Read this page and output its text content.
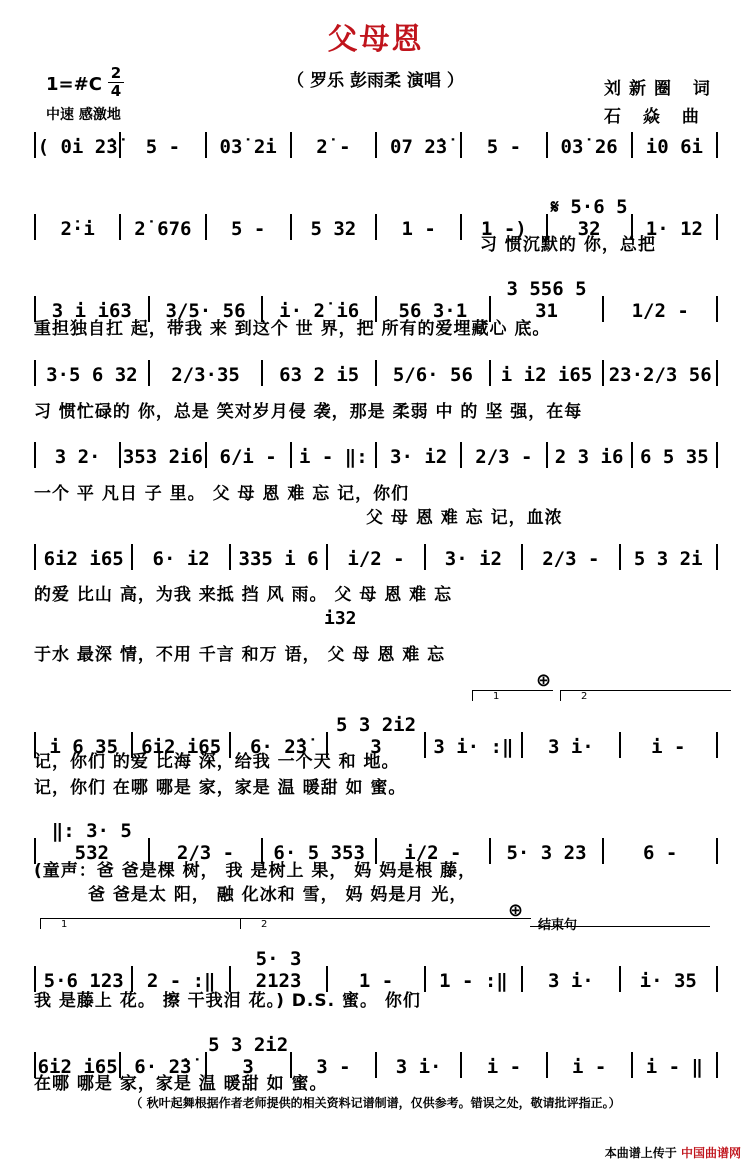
父母恩
（ 罗乐 彭雨柔 演唱 ）
1=#C
2
4
中速 感激地
刘新圈 词
石 焱 曲
( 0i 2̇3̇	5 -	03̇ 2̇i	2̇ -	07 2̇3̇	5 -	03̇ 26	i0 6i
2̇·i	2̇ 676	5 -	5 32	1 -	1 -)
𝄋 5·6 5 32	1· 12
3 i i63	3/5· 56	i· 2̇ i6	56 3·1
3 556 5 31	1/2 -
3·5 6 32	2/3·35	63 2 i5	5/6· 56	i i2 i65 23·2/3 56
3 2·	353 2i6 6/i -	i - ‖:	3· i2	2/3 -	2 3 i6 6 5 35
6i2 i65	6· i2	335 i 6	i/2 -	3· i2	2/3 -	5 3 2i
i 6 35	6i2 i65	6· 2̇3̇
5 3 2i2 3	3 i· :‖	3 i·	i -
‖: 3· 5 532	2/3 -	6· 5 353	i/2 -	5· 3 23	6 -
5·6 123	2 - :‖
5· 3 2123	1 -	1 - :‖	3 i·	i· 35
6i2 i65 6· 2̇3̇
5 3 2i2 3	3 -	3 i·	i -	i -	i - ‖
习 惯沉默的 你，总把
重担独自扛 起，带我 来 到这个 世 界，把 所有的爱埋藏心 底。
习 惯忙碌的 你，总是 笑对岁月侵 袭，那是 柔弱 中 的 坚 强，在每
一个 平 凡日 子 里。 父 母 恩 难 忘 记，你们
父 母 恩 难 忘 记，血浓
的爱 比山 高，为我 来抵 挡 风 雨。 父 母 恩 难 忘
i32
于水 最深 情，不用 千言 和万 语， 父 母 恩 难 忘
记，你们 的爱 比海 深，给我 一个天 和 地。
记，你们 在哪 哪是 家，家是 温 暖甜 如 蜜。
(童声：爸 爸是棵 树， 我 是树上 果， 妈 妈是根 藤，
爸 爸是太 阳， 融 化冰和 雪， 妈 妈是月 光，
我 是藤上 花。 擦 干我泪 花。) D.S. 蜜。 你们
在哪 哪是 家，家是 温 暖甜 如 蜜。
1	2
⊕
1	2
⊕
结束句
（ 秋叶起舞根据作者老师提供的相关资料记谱制谱，仅供参考。错误之处，敬请批评指正。）
本曲谱上传于 中国曲谱网
